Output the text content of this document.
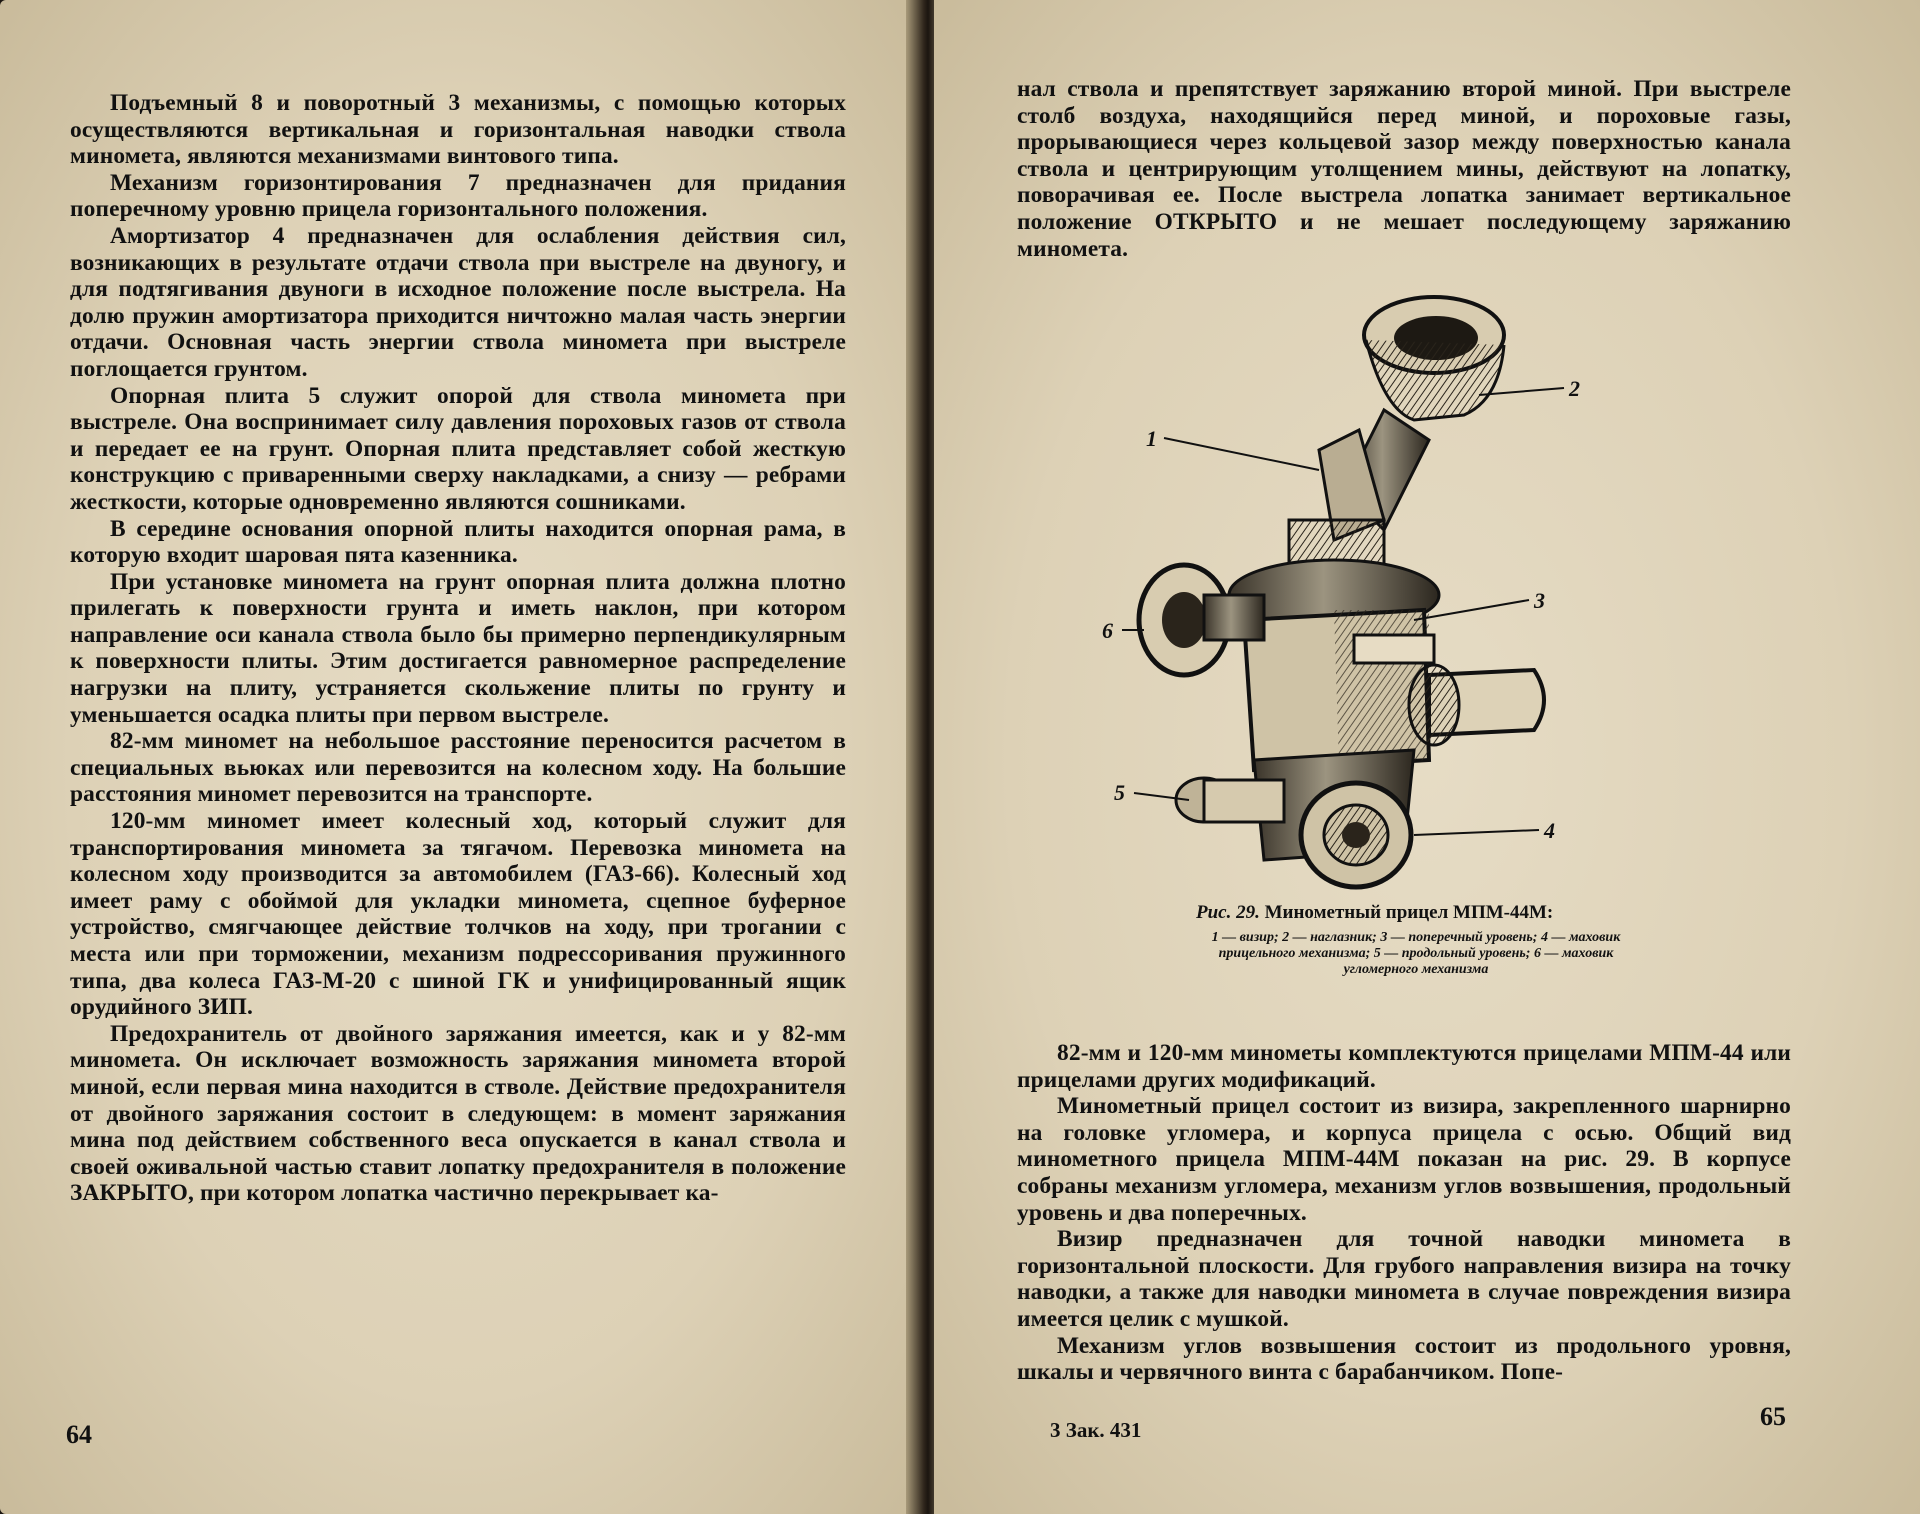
Подъемный 8 и поворотный 3 механизмы, с помощью которых осуществляются вертикальная и горизонтальная наводки ствола миномета, являются механизмами винтового типа.

Механизм горизонтирования 7 предназначен для придания поперечному уровню прицела горизонтального положения.

Амортизатор 4 предназначен для ослабления действия сил, возникающих в результате отдачи ствола при выстреле на двуногу, и для подтягивания двуноги в исходное положение после выстрела. На долю пружин амортизатора приходится ничтожно малая часть энергии отдачи. Основная часть энергии ствола миномета при выстреле поглощается грунтом.

Опорная плита 5 служит опорой для ствола миномета при выстреле. Она воспринимает силу давления пороховых газов от ствола и передает ее на грунт. Опорная плита представляет собой жесткую конструкцию с приваренными сверху накладками, а снизу — ребрами жесткости, которые одновременно являются сошниками.

В середине основания опорной плиты находится опорная рама, в которую входит шаровая пята казенника.

При установке миномета на грунт опорная плита должна плотно прилегать к поверхности грунта и иметь наклон, при котором направление оси канала ствола было бы примерно перпендикулярным к поверхности плиты. Этим достигается равномерное распределение нагрузки на плиту, устраняется скольжение плиты по грунту и уменьшается осадка плиты при первом выстреле.

82-мм миномет на небольшое расстояние переносится расчетом в специальных вьюках или перевозится на колесном ходу. На большие расстояния миномет перевозится на транспорте.

120-мм миномет имеет колесный ход, который служит для транспортирования миномета за тягачом. Перевозка миномета на колесном ходу производится за автомобилем (ГАЗ-66). Колесный ход имеет раму с обоймой для укладки миномета, сцепное буферное устройство, смягчающее действие толчков на ходу, при трогании с места или при торможении, механизм подрессоривания пружинного типа, два колеса ГАЗ-М-20 с шиной ГК и унифицированный ящик орудийного ЗИП.

Предохранитель от двойного заряжания имеется, как и у 82-мм миномета. Он исключает возможность заряжания миномета второй миной, если первая мина находится в стволе. Действие предохранителя от двойного заряжания состоит в следующем: в момент заряжания мина под действием собственного веса опускается в канал ствола и своей оживальной частью ставит лопатку предохранителя в положение ЗАКРЫТО, при котором лопатка частично перекрывает ка-

64

нал ствола и препятствует заряжанию второй миной. При выстреле столб воздуха, находящийся перед миной, и пороховые газы, прорывающиеся через кольцевой зазор между поверхностью канала ствола и центрирующим утолщением мины, действуют на лопатку, поворачивая ее. После выстрела лопатка занимает вертикальное положение ОТКРЫТО и не мешает последующему заряжанию миномета.

1
2
3
4
5
6
Рис. 29. Минометный прицел МПМ-44М:
1 — визир; 2 — наглазник; 3 — поперечный уровень; 4 — маховик прицельного механизма; 5 — продольный уровень; 6 — маховик угломерного механизма

82-мм и 120-мм минометы комплектуются прицелами МПМ-44 или прицелами других модификаций.

Минометный прицел состоит из визира, закрепленного шарнирно на головке угломера, и корпуса прицела с осью. Общий вид минометного прицела МПМ-44М показан на рис. 29. В корпусе собраны механизм угломера, механизм углов возвышения, продольный уровень и два поперечных.

Визир предназначен для точной наводки миномета в горизонтальной плоскости. Для грубого направления визира на точку наводки, а также для наводки миномета в случае повреждения визира имеется целик с мушкой.

Механизм углов возвышения состоит из продольного уровня, шкалы и червячного винта с барабанчиком. Попе-

3 Зак. 431	65
